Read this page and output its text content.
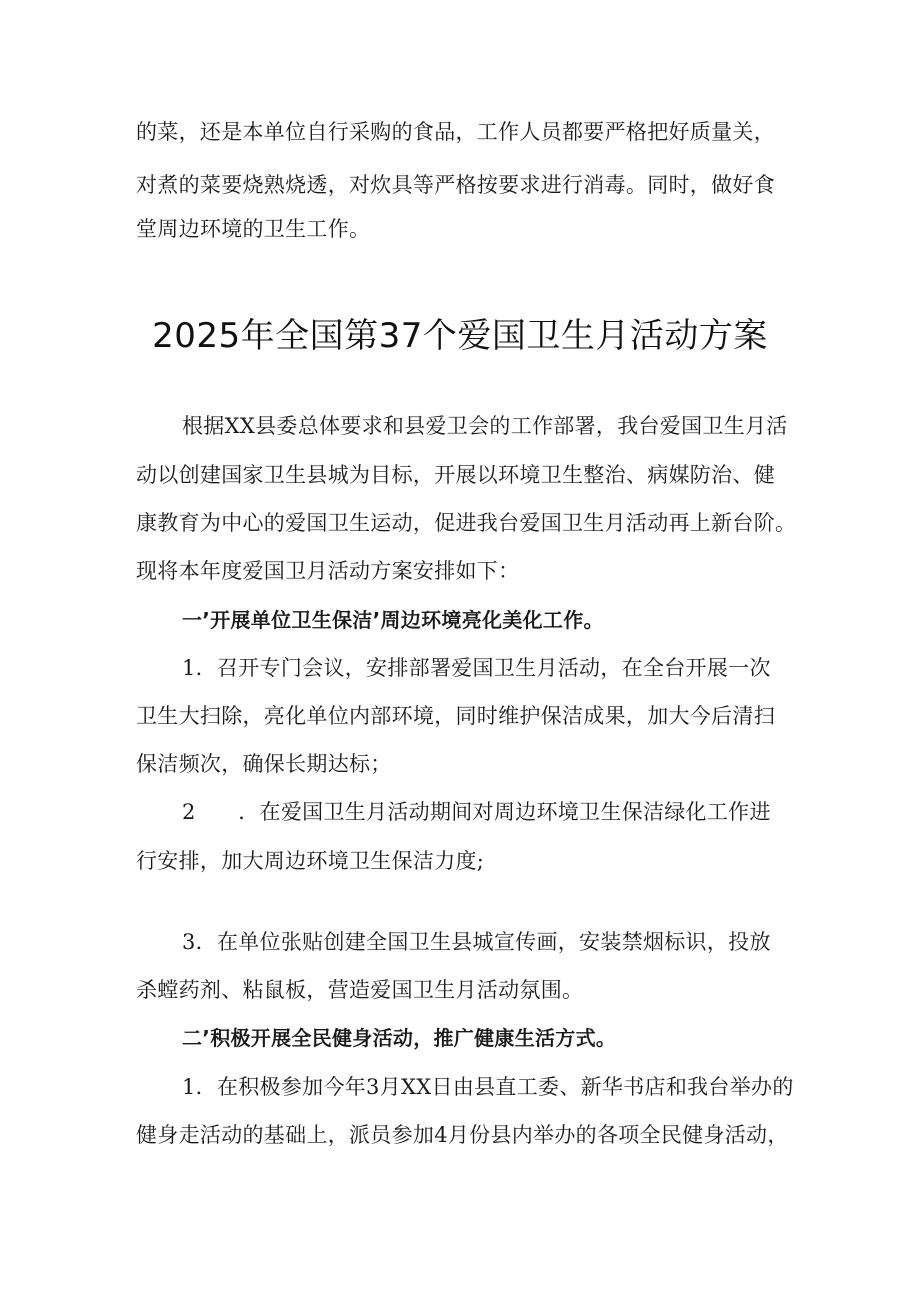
的菜，还是本单位自行采购的食品，工作人员都要严格把好质量关，
对煮的菜要烧熟烧透，对炊具等严格按要求进行消毒。同时，做好食
堂周边环境的卫生工作。
2025年全国第37个爱国卫生月活动方案
根据XX县委总体要求和县爱卫会的工作部署，我台爱国卫生月活
动以创建国家卫生县城为目标，开展以环境卫生整治、病媒防治、健
康教育为中心的爱国卫生运动，促进我台爱国卫生月活动再上新台阶。
现将本年度爱国卫月活动方案安排如下：
一’开展单位卫生保洁’周边环境亮化美化工作。
1．召开专门会议，安排部署爱国卫生月活动，在全台开展一次
卫生大扫除，亮化单位内部环境，同时维护保洁成果，加大今后清扫
保洁频次，确保长期达标；
2　　．在爱国卫生月活动期间对周边环境卫生保洁绿化工作进
行安排，加大周边环境卫生保洁力度;
3．在单位张贴创建全国卫生县城宣传画，安装禁烟标识，投放
杀螳药剂、粘鼠板，营造爱国卫生月活动氛围。
二’积极开展全民健身活动，推广健康生活方式。
1．在积极参加今年3月XX日由县直工委、新华书店和我台举办的
健身走活动的基础上，派员参加4月份县内举办的各项全民健身活动，
